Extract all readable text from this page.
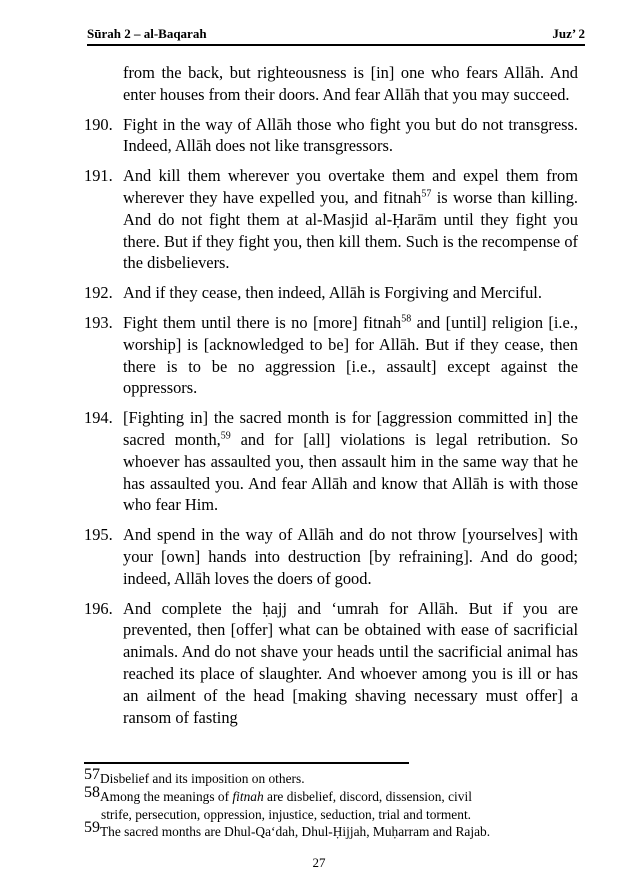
Sūrah 2 – al-Baqarah	Juz’ 2
from the back, but righteousness is [in] one who fears Allāh. And enter houses from their doors. And fear Allāh that you may succeed.
190. Fight in the way of Allāh those who fight you but do not transgress. Indeed, Allāh does not like transgressors.
191. And kill them wherever you overtake them and expel them from wherever they have expelled you, and fitnah$^{57}$ is worse than killing. And do not fight them at al-Masjid al-Ḥarām until they fight you there. But if they fight you, then kill them. Such is the recompense of the disbelievers.
192. And if they cease, then indeed, Allāh is Forgiving and Merciful.
193. Fight them until there is no [more] fitnah$^{58}$ and [until] religion [i.e., worship] is [acknowledged to be] for Allāh. But if they cease, then there is to be no aggression [i.e., assault] except against the oppressors.
194. [Fighting in] the sacred month is for [aggression committed in] the sacred month,$^{59}$ and for [all] violations is legal retribution. So whoever has assaulted you, then assault him in the same way that he has assaulted you. And fear Allāh and know that Allāh is with those who fear Him.
195. And spend in the way of Allāh and do not throw [yourselves] with your [own] hands into destruction [by refraining]. And do good; indeed, Allāh loves the doers of good.
196. And complete the ḥajj and ‘umrah for Allāh. But if you are prevented, then [offer] what can be obtained with ease of sacrificial animals. And do not shave your heads until the sacrificial animal has reached its place of slaughter. And whoever among you is ill or has an ailment of the head [making shaving necessary must offer] a ransom of fasting
57Disbelief and its imposition on others.
58Among the meanings of fitnah are disbelief, discord, dissension, civil
strife, persecution, oppression, injustice, seduction, trial and torment.
59The sacred months are Dhul-Qa‘dah, Dhul-Ḥijjah, Muḥarram and Rajab.
27
